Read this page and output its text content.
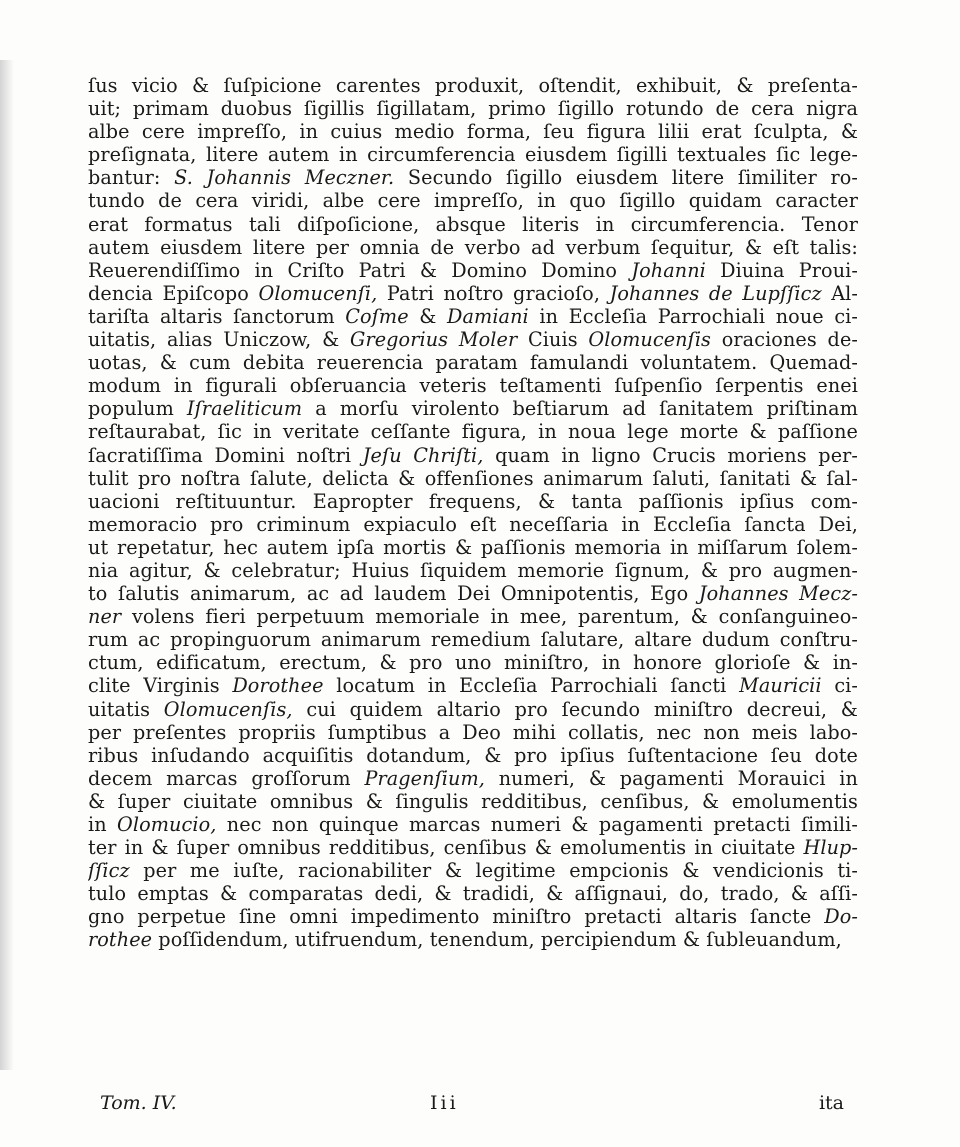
ſus vicio & ſuſpicione carentes produxit, oſtendit, exhibuit, & preſenta-
uit; primam duobus ſigillis ſigillatam, primo ſigillo rotundo de cera nigra
albe cere impreſſo, in cuius medio forma, ſeu figura lilii erat ſculpta, &
preſignata, litere autem in circumferencia eiusdem ſigilli textuales ſic lege-
bantur: S. Johannis Meczner. Secundo ſigillo eiusdem litere ſimiliter ro-
tundo de cera viridi, albe cere impreſſo, in quo ſigillo quidam caracter
erat formatus tali diſpoſicione, absque literis in circumferencia. Tenor
autem eiusdem litere per omnia de verbo ad verbum ſequitur, & eſt talis:
Reuerendiſſimo in Criſto Patri & Domino Domino Johanni Diuina Proui-
dencia Epiſcopo Olomucenſi, Patri noſtro gracioſo, Johannes de Lupſſicz Al-
tariſta altaris ſanctorum Coſme & Damiani in Eccleſia Parrochiali noue ci-
uitatis, alias Uniczow, & Gregorius Moler Ciuis Olomucenſis oraciones de-
uotas, & cum debita reuerencia paratam famulandi voluntatem. Quemad-
modum in figurali obſeruancia veteris teſtamenti ſuſpenſio ſerpentis enei
populum Iſraeliticum a morſu virolento beſtiarum ad ſanitatem priſtinam
reſtaurabat, ſic in veritate ceſſante figura, in noua lege morte & paſſione
ſacratiſſima Domini noſtri Jeſu Chriſti, quam in ligno Crucis moriens per-
tulit pro noſtra ſalute, delicta & offenſiones animarum ſaluti, ſanitati & ſal-
uacioni reſtituuntur. Eapropter frequens, & tanta paſſionis ipſius com-
memoracio pro criminum expiaculo eſt neceſſaria in Eccleſia ſancta Dei,
ut repetatur, hec autem ipſa mortis & paſſionis memoria in miſſarum ſolem-
nia agitur, & celebratur; Huius ſiquidem memorie ſignum, & pro augmen-
to ſalutis animarum, ac ad laudem Dei Omnipotentis, Ego Johannes Mecz-
ner volens fieri perpetuum memoriale in mee, parentum, & conſanguineo-
rum ac propinguorum animarum remedium ſalutare, altare dudum conſtru-
ctum, edificatum, erectum, & pro uno miniſtro, in honore glorioſe & in-
clite Virginis Dorothee locatum in Eccleſia Parrochiali ſancti Mauricii ci-
uitatis Olomucenſis, cui quidem altario pro ſecundo miniſtro decreui, &
per preſentes propriis ſumptibus a Deo mihi collatis, nec non meis labo-
ribus inſudando acquiſitis dotandum, & pro ipſius ſuſtentacione ſeu dote
decem marcas groſſorum Pragenſium, numeri, & pagamenti Morauici in
& ſuper ciuitate omnibus & ſingulis redditibus, cenſibus, & emolumentis
in Olomucio, nec non quinque marcas numeri & pagamenti pretacti ſimili-
ter in & ſuper omnibus redditibus, cenſibus & emolumentis in ciuitate Hlup-
ſſicz per me iuſte, racionabiliter & legitime empcionis & vendicionis ti-
tulo emptas & comparatas dedi, & tradidi, & aſſignaui, do, trado, & aſſi-
gno perpetue ſine omni impedimento miniſtro pretacti altaris ſancte Do-
rothee poſſidendum, utifruendum, tenendum, percipiendum & ſubleuandum,
Tom. IV.	Iii	ita
